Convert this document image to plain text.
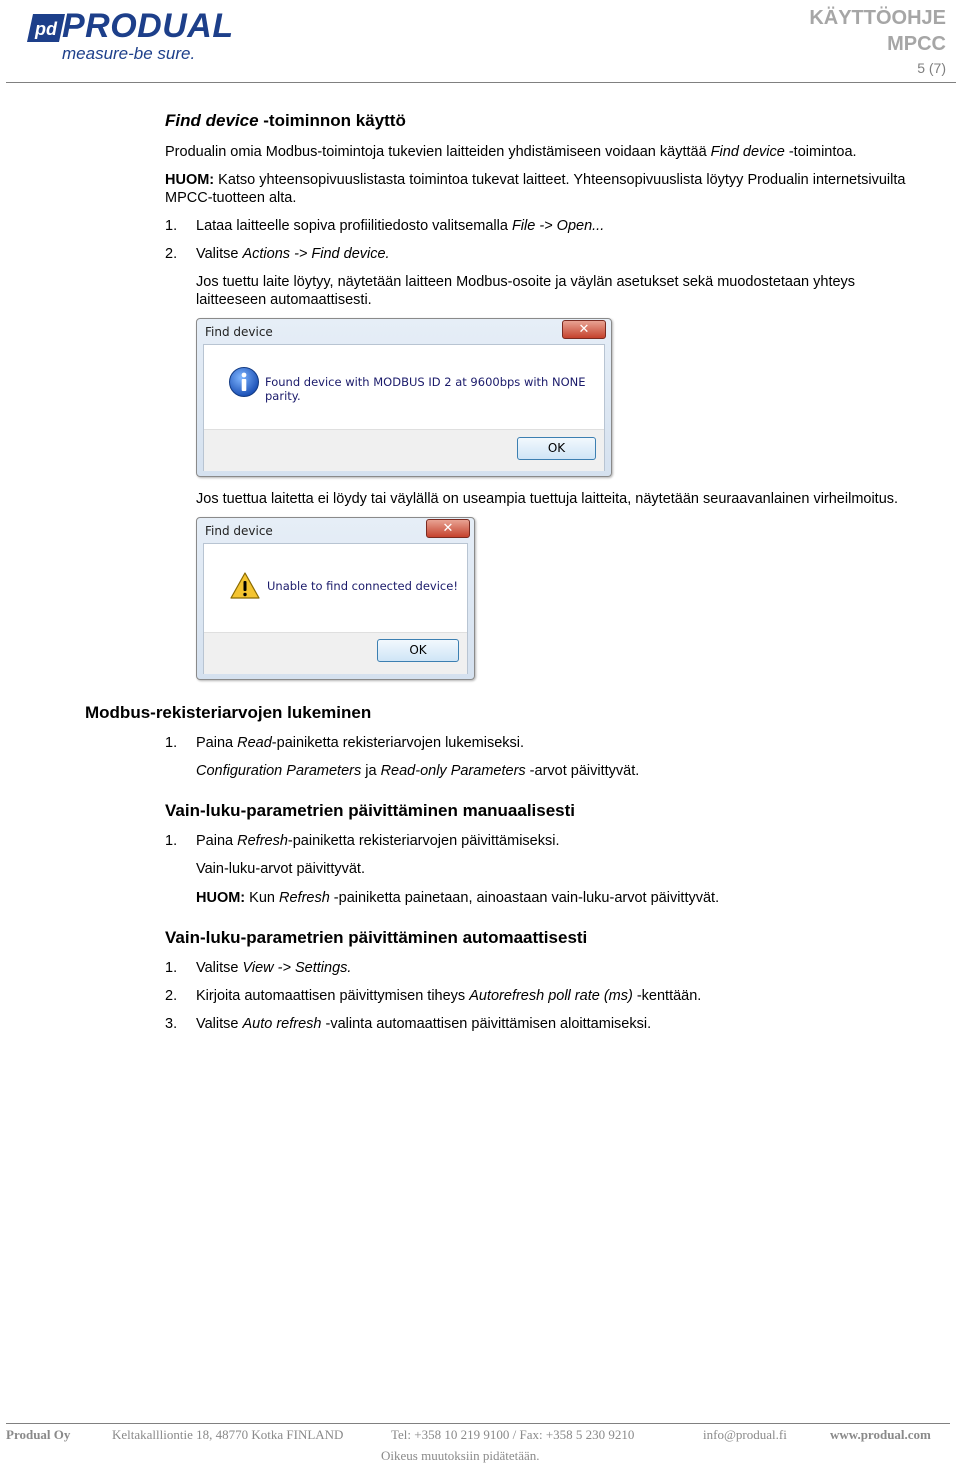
pd PRODUAL
measure-be sure.
KÄYTTÖOHJE
MPCC
5 (7)
Find device -toiminnon käyttö
Produalin omia Modbus-toimintoja tukevien laitteiden yhdistämiseen voidaan käyttää Find device -toimintoa.
HUOM: Katso yhteensopivuuslistasta toimintoa tukevat laitteet. Yhteensopivuuslista löytyy Produalin internetsivuilta
MPCC-tuotteen alta.
1. Lataa laitteelle sopiva profiilitiedosto valitsemalla File -> Open...
2. Valitse Actions -> Find device.
Jos tuettu laite löytyy, näytetään laitteen Modbus-osoite ja väylän asetukset sekä muodostetaan yhteys
laitteeseen automaattisesti.
Find device	✕
Found device with MODBUS ID 2 at 9600bps with NONE parity.
OK
Jos tuettua laitetta ei löydy tai väylällä on useampia tuettuja laitteita, näytetään seuraavanlainen virheilmoitus.
Find device	✕
Unable to find connected device!
OK
Modbus-rekisteriarvojen lukeminen
1. Paina Read-painiketta rekisteriarvojen lukemiseksi.
Configuration Parameters ja Read-only Parameters -arvot päivittyvät.
Vain-luku-parametrien päivittäminen manuaalisesti
1. Paina Refresh-painiketta rekisteriarvojen päivittämiseksi.
Vain-luku-arvot päivittyvät.
HUOM: Kun Refresh -painiketta painetaan, ainoastaan vain-luku-arvot päivittyvät.
Vain-luku-parametrien päivittäminen automaattisesti
1. Valitse View -> Settings.
2. Kirjoita automaattisen päivittymisen tiheys Autorefresh poll rate (ms) -kenttään.
3. Valitse Auto refresh -valinta automaattisen päivittämisen aloittamiseksi.
Produal Oy	Keltakallliontie 18, 48770 Kotka FINLAND	Tel: +358 10 219 9100 / Fax: +358 5 230 9210	info@produal.fi	www.produal.com
Oikeus muutoksiin pidätetään.
